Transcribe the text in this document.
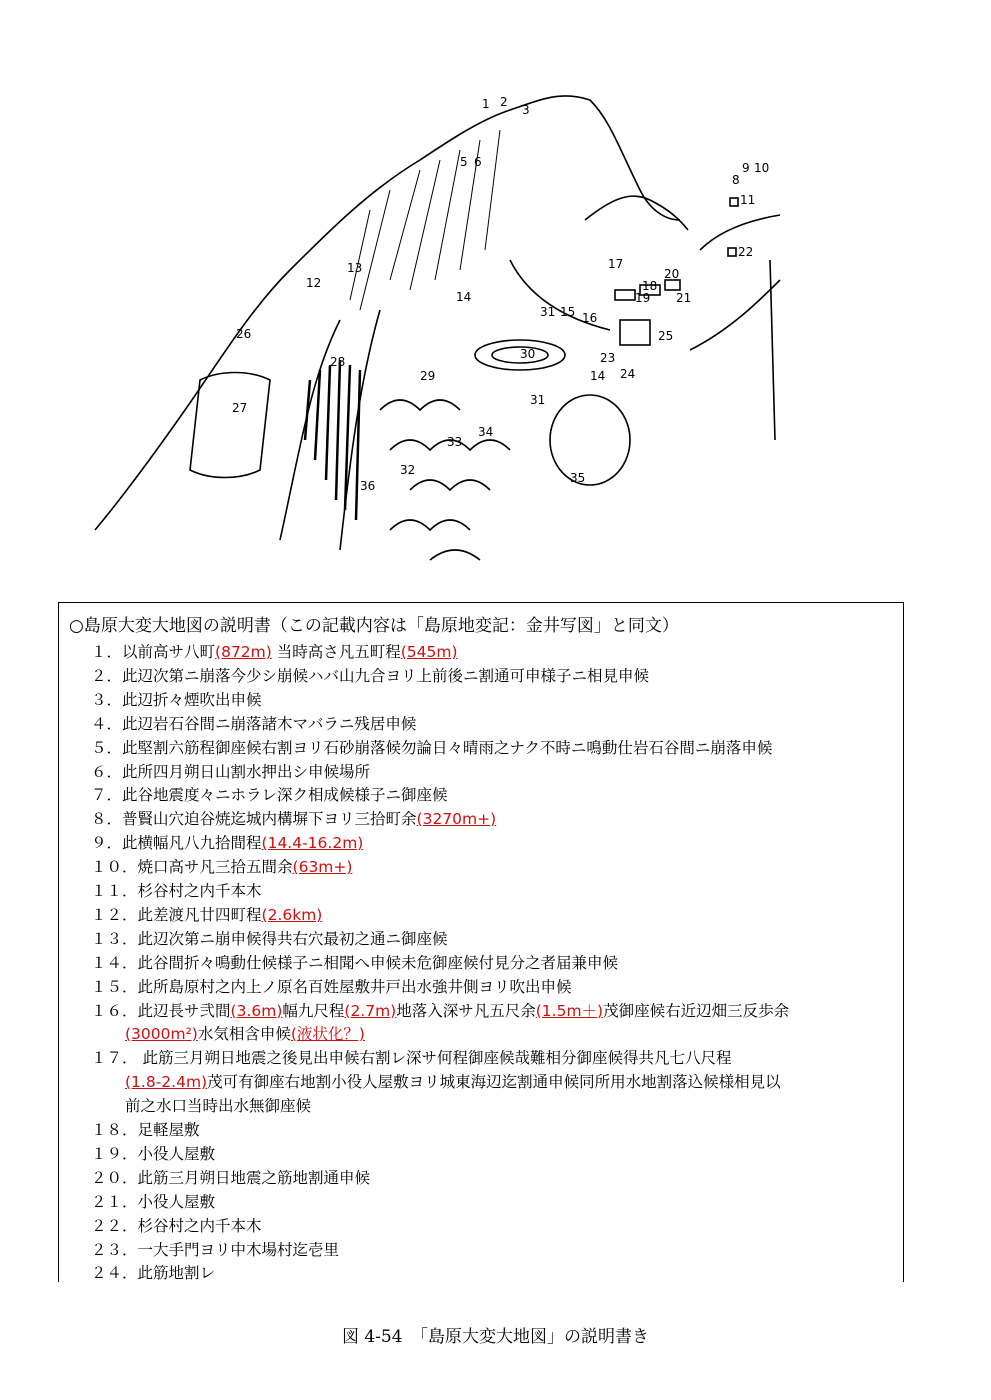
1 2
3
5 6
8
9 10
11
12
13
14
15 16
17
18
19
20
21
22
23
24
25
26
27
28
29
30
31
32
33
34
35
36
14
31
○島原大変大地図の説明書（この記載内容は「島原地変記：金井写図」と同文）
１．以前高サ八町(872m) 当時高さ凡五町程(545m)
２．此辺次第ニ崩落今少シ崩候ハバ山九合ヨリ上前後ニ割通可申様子ニ相見申候
３．此辺折々煙吹出申候
４．此辺岩石谷間ニ崩落諸木マバラニ残居申候
５．此堅割六筋程御座候右割ヨリ石砂崩落候勿論日々晴雨之ナク不時ニ鳴動仕岩石谷間ニ崩落申候
６．此所四月朔日山割水押出シ申候場所
７．此谷地震度々ニホラレ深ク相成候様子ニ御座候
８．普賢山穴迫谷焼迄城内構塀下ヨリ三拾町余(3270m+)
９．此横幅凡八九拾間程(14.4-16.2m)
１０．焼口高サ凡三拾五間余(63m+)
１１．杉谷村之内千本木
１２．此差渡凡廿四町程(2.6km)
１３．此辺次第ニ崩申候得共右穴最初之通ニ御座候
１４．此谷間折々鳴動仕候様子ニ相聞へ申候未危御座候付見分之者届兼申候
１５．此所島原村之内上ノ原名百姓屋敷井戸出水強井側ヨリ吹出申候
１６．此辺長サ弐間(3.6m)幅九尺程(2.7m)地落入深サ凡五尺余(1.5m＋)茂御座候右近辺畑三反歩余
(3000m²)水気相含申候(液状化？)
１７． 此筋三月朔日地震之後見出申候右割レ深サ何程御座候哉難相分御座候得共凡七八尺程
(1.8-2.4m)茂可有御座右地割小役人屋敷ヨリ城東海辺迄割通申候同所用水地割落込候様相見以
前之水口当時出水無御座候
１８．足軽屋敷
１９．小役人屋敷
２０．此筋三月朔日地震之筋地割通申候
２１．小役人屋敷
２２．杉谷村之内千本木
２３．一大手門ヨリ中木場村迄壱里
２４．此筋地割レ
図 4-54　「島原大変大地図」の説明書き
